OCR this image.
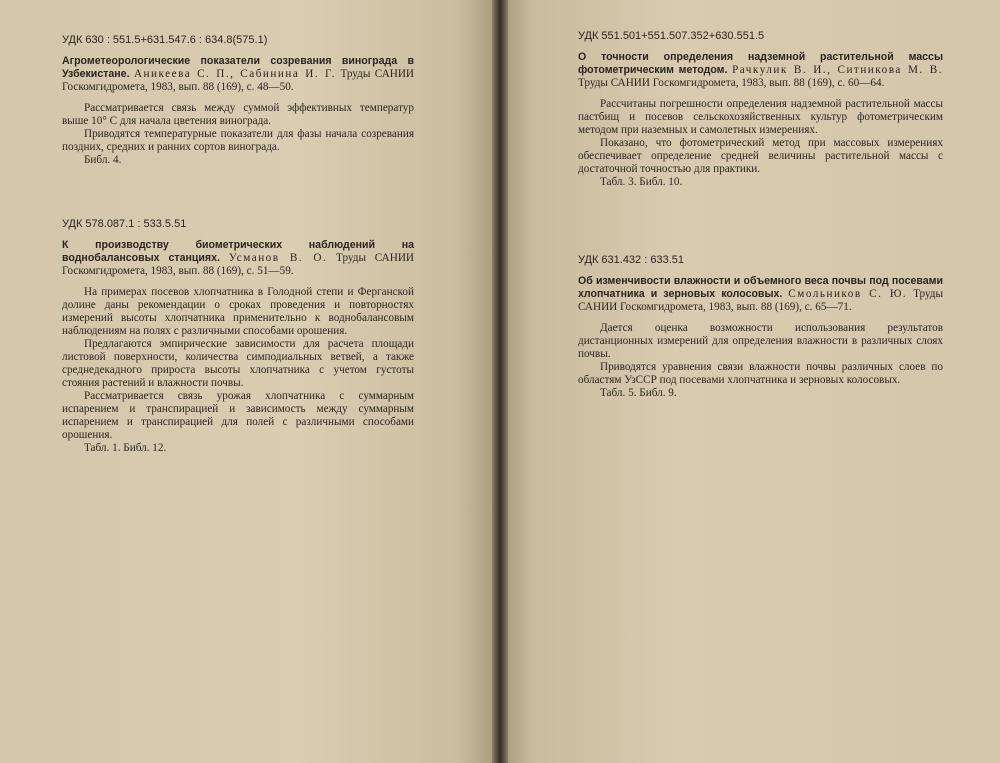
УДК 630 : 551.5+631.547.6 : 634.8(575.1)

Агрометеорологические показатели созревания винограда в Узбекистане. Аникеева С. П., Сабинина И. Г. Труды САНИИ Госкомгидромета, 1983, вып. 88 (169), с. 48—50.

Рассматривается связь между суммой эффективных температур выше 10° С для начала цветения винограда.

Приводятся температурные показатели для фазы начала созревания поздних, средних и ранних сортов винограда.

Библ. 4.

УДК 578.087.1 : 533.5.51

К производству биометрических наблюдений на воднобалансовых станциях. Усманов В. О. Труды САНИИ Госкомгидромета, 1983, вып. 88 (169), с. 51—59.

На примерах посевов хлопчатника в Голодной степи и Ферганской долине даны рекомендации о сроках проведения и повторностях измерений высоты хлопчатника применительно к воднобалансовым наблюдениям на полях с различными способами орошения.

Предлагаются эмпирические зависимости для расчета площади листовой поверхности, количества симподиальных ветвей, а также среднедекадного прироста высоты хлопчатника с учетом густоты стояния растений и влажности почвы.

Рассматривается связь урожая хлопчатника с суммарным испарением и транспирацией и зависимость между суммарным испарением и транспирацией для полей с различными способами орошения.

Табл. 1. Библ. 12.

УДК 551.501+551.507.352+630.551.5

О точности определения надземной растительной массы фотометрическим методом. Рачкулик В. И., Ситникова М. В. Труды САНИИ Госкомгидромета, 1983, вып. 88 (169), с. 60—64.

Рассчитаны погрешности определения надземной растительной массы пастбищ и посевов сельскохозяйственных культур фотометрическим методом при наземных и самолетных измерениях.

Показано, что фотометрический метод при массовых измерениях обеспечивает определение средней величины растительной массы с достаточной точностью для практики.

Табл. 3. Библ. 10.

УДК 631.432 : 633.51

Об изменчивости влажности и объемного веса почвы под посевами хлопчатника и зерновых колосовых. Смольников С. Ю. Труды САНИИ Госкомгидромета, 1983, вып. 88 (169), с. 65—71.

Дается оценка возможности использования результатов дистанционных измерений для определения влажности в различных слоях почвы.

Приводятся уравнения связи влажности почвы различных слоев по областям УзССР под посевами хлопчатника и зерновых колосовых.

Табл. 5. Библ. 9.
